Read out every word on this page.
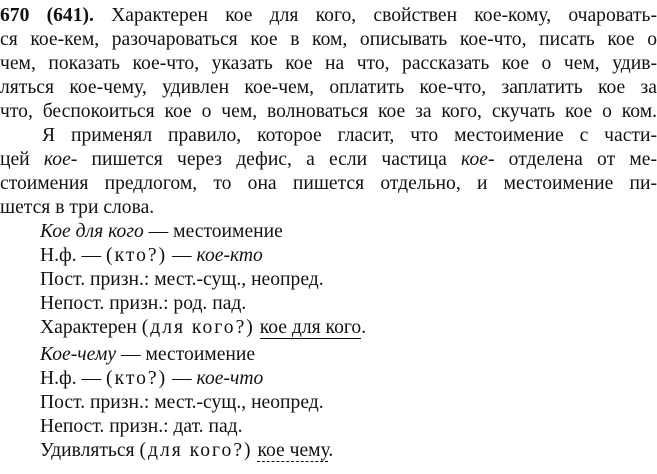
670 (641). Характерен кое для кого, свойствен кое-кому, очаровать-
ся кое-кем, разочароваться кое в ком, описывать кое-что, писать кое о
чем, показать кое-что, указать кое на что, рассказать кое о чем, удив-
ляться кое-чему, удивлен кое-чем, оплатить кое-что, заплатить кое за
что, беспокоиться кое о чем, волноваться кое за кого, скучать кое о ком.
Я применял правило, которое гласит, что местоимение с части-
цей кое- пишется через дефис, а если частица кое- отделена от ме-
стоимения предлогом, то она пишется отдельно, и местоимение пи-
шется в три слова.
Кое для кого — местоимение
Н.ф. — (кто?) — кое-кто
Пост. призн.: мест.-сущ., неопред.
Непост. призн.: род. пад.
Характерен (для кого?) кое для кого.
Кое-чему — местоимение
Н.ф. — (кто?) — кое-что
Пост. призн.: мест.-сущ., неопред.
Непост. призн.: дат. пад.
Удивляться (для кого?) кое чему.
